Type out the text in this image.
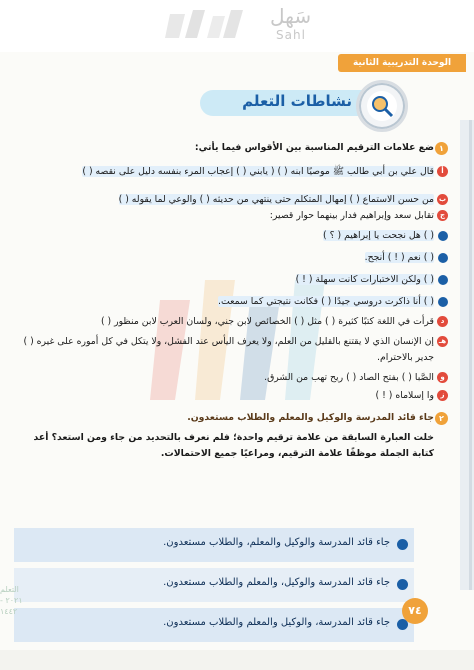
سَهل
Sahl
الوحدة التدريبية الثانية
نشاطات التعلم
١
ضع علامات الترقيم المناسبة بين الأقواس فيما يأتي:
أ
قال علي بن أبي طالب ﷺ موصيًا ابنه ( ) ( يابني ( ) إعجاب المرء بنفسه دليل على نقصه ( )
ب
من حسن الاستماع ( ) إمهال المتكلم حتى ينتهي من حديثه ( ) والوعي لما يقوله ( )
ج
تقابل سعد وإبراهيم فدار بينهما حوار قصير:
( ) هل نجحت يا إبراهيم ( ؟ )
( ) نعم ( ! ) أنجح.
( ) ولكن الاختبارات كانت سهلة ( ! )
( ) أنا ذاكرت دروسي جيدًا ( ) فكانت نتيجتي كما سمعت.
د
قرأت في اللغة كتبًا كثيرة ( ) مثل ( ) الخصائص لابن جني، ولسان العرب لابن منظور ( )
هـ
إن الإنسان الذي لا يقتنع بالقليل من العلم، ولا يعرف اليأس عند الفشل، ولا يتكل في كل أموره على غيره ( ) جدير بالاحترام.
و
الصَّبا ( ) بفتح الصاد ( ) ريح تهب من الشرق.
ز
وا إسلاماه ( ! )
٢
جاء قائد المدرسة والوكيل والمعلم والطلاب مستعدون.
خلت العبارة السابقة من علامة ترقيم واحدة؛ فلم نعرف بالتحديد من جاء ومن استعد؟ أعد كتابة الجملة موظفًا علامة الترقيم، ومراعيًا جميع الاحتمالات.
جاء قائد المدرسة والوكيل والمعلم، والطلاب مستعدون.
جاء قائد المدرسة والوكيل، والمعلم والطلاب مستعدون.
جاء قائد المدرسة، والوكيل والمعلم والطلاب مستعدون.
٧٤
التعلم ٢٠٢١ - ١٤٤٢
